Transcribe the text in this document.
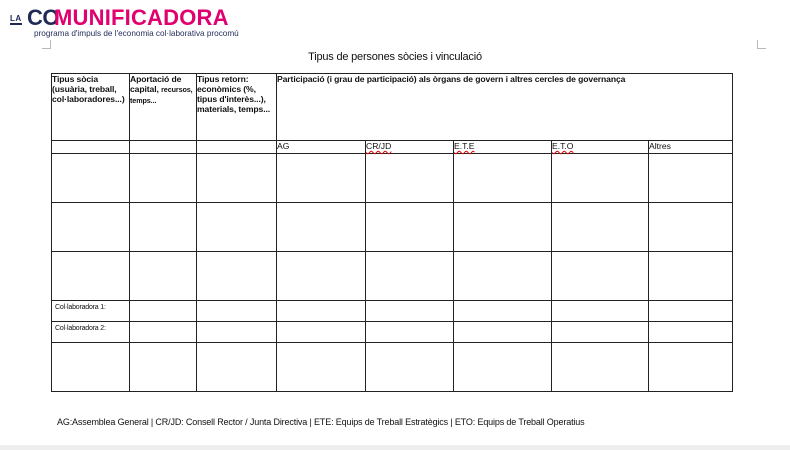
LA CO
MUNIFICADORA
programa d'impuls de l'economia col·laborativa procomú
Tipus de persones sòcies i vinculació
Tipus sòcia (usuària, treball, col·laboradores...)	Aportació de capital, recursos, temps...	Tipus retorn: econòmics (%, tipus d'interès...), materials, temps...	Participació (i grau de participació) als òrgans de govern i altres cercles de governança				
			AG	CR/JD	E.T.E	E.T.O	Altres

Col·laboradora 1:							
Col·laboradora 2:							

AG:Assemblea General | CR/JD: Consell Rector / Junta Directiva | ETE: Equips de Treball Estratègics | ETO: Equips de Treball Operatius
